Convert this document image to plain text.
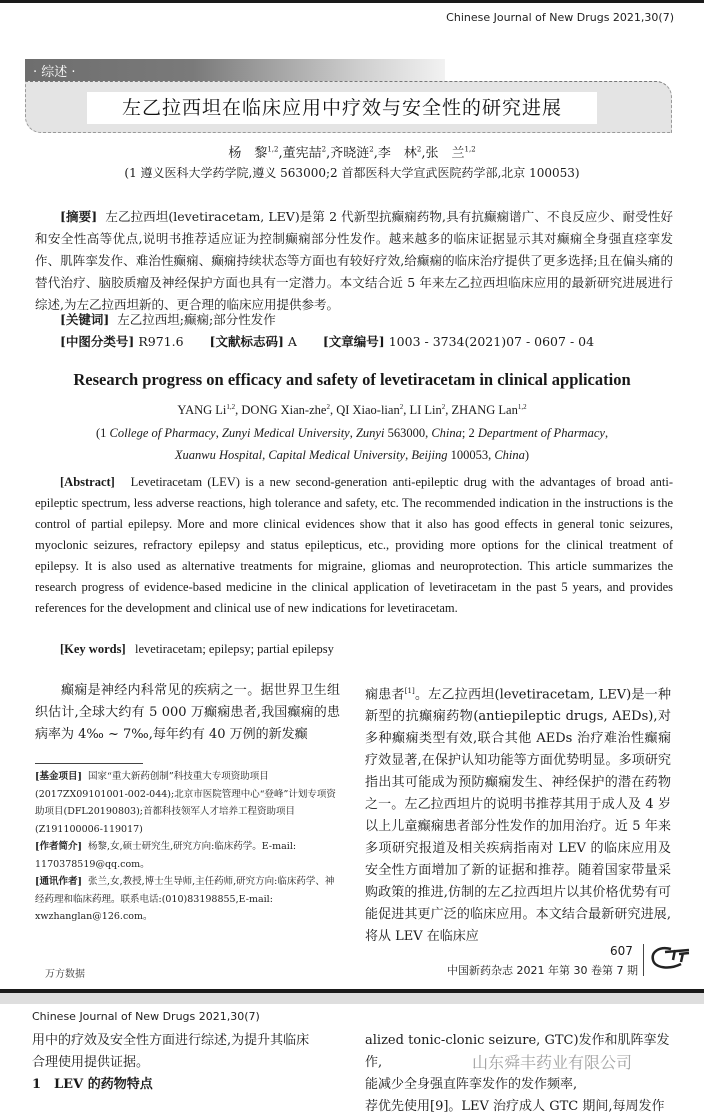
Chinese Journal of New Drugs 2021,30(7)
· 综述 ·
左乙拉西坦在临床应用中疗效与安全性的研究进展
杨　黎$^{1,2}$,董宪喆$^2$,齐晓涟$^2$,李　林$^2$,张　兰$^{1,2}$
(1 遵义医科大学药学院,遵义 563000;2 首都医科大学宣武医院药学部,北京 100053)
[摘要] 左乙拉西坦(levetiracetam, LEV)是第 2 代新型抗癫痫药物,具有抗癫痫谱广、不良反应少、耐受性好和安全性高等优点,说明书推荐适应证为控制癫痫部分性发作。越来越多的临床证据显示其对癫痫全身强直痉挛发作、肌阵挛发作、难治性癫痫、癫痫持续状态等方面也有较好疗效,给癫痫的临床治疗提供了更多选择;且在偏头痛的替代治疗、脑胶质瘤及神经保护方面也具有一定潜力。本文结合近 5 年来左乙拉西坦临床应用的最新研究进展进行综述,为左乙拉西坦新的、更合理的临床应用提供参考。
[关键词] 左乙拉西坦;癫痫;部分性发作
[中图分类号] R971.6 [文献标志码] A [文章编号] 1003 - 3734(2021)07 - 0607 - 04
Research progress on efficacy and safety of levetiracetam in clinical application
YANG Li$^{1,2}$, DONG Xian-zhe$^2$, QI Xiao-lian$^2$, LI Lin$^2$, ZHANG Lan$^{1,2}$
(1 College of Pharmacy, Zunyi Medical University, Zunyi 563000, China; 2 Department of Pharmacy,
Xuanwu Hospital, Capital Medical University, Beijing 100053, China)
[Abstract] Levetiracetam (LEV) is a new second-generation anti-epileptic drug with the advantages of broad anti-epileptic spectrum, less adverse reactions, high tolerance and safety, etc. The recommended indication in the instructions is the control of partial epilepsy. More and more clinical evidences show that it also has good effects in general tonic seizures, myoclonic seizures, refractory epilepsy and status epilepticus, etc., providing more options for the clinical treatment of epilepsy. It is also used as alternative treatments for migraine, gliomas and neuroprotection. This article summarizes the research progress of evidence-based medicine in the clinical application of levetiracetam in the past 5 years, and provides references for the development and clinical use of new indications for levetiracetam.
[Key words] levetiracetam; epilepsy; partial epilepsy
癫痫是神经内科常见的疾病之一。据世界卫生组织估计,全球大约有 5 000 万癫痫患者,我国癫痫的患病率为 4‰ ~ 7‰,每年约有 40 万例的新发癫
痫患者[1]。左乙拉西坦(levetiracetam, LEV)是一种新型的抗癫痫药物(antiepileptic drugs, AEDs),对多种癫痫类型有效,联合其他 AEDs 治疗难治性癫痫疗效显著,在保护认知功能等方面优势明显。多项研究指出其可能成为预防癫痫发生、神经保护的潜在药物之一。左乙拉西坦片的说明书推荐其用于成人及 4 岁以上儿童癫痫患者部分性发作的加用治疗。近 5 年来多项研究报道及相关疾病指南对 LEV 的临床应用及安全性方面增加了新的证据和推荐。随着国家带量采购政策的推进,仿制的左乙拉西坦片以其价格优势有可能促进其更广泛的临床应用。本文结合最新研究进展,将从 LEV 在临床应

[基金项目] 国家“重大新药创制”科技重大专项资助项目(2017ZX09101001-002-044);北京市医院管理中心“登峰”计划专项资助项目(DFL20190803);首都科技领军人才培养工程资助项目(Z191100006-119017)

[作者简介] 杨黎,女,硕士研究生,研究方向:临床药学。E-mail: 1170378519@qq.com。

[通讯作者] 张兰,女,教授,博士生导师,主任药师,研究方向:临床药学、神经药理和临床药理。联系电话:(010)83198855,E-mail: xwzhanglan@126.com。

万方数据
607
中国新药杂志 2021 年第 30 卷第 7 期
Chinese Journal of New Drugs 2021,30(7)
用中的疗效及安全性方面进行综述,为提升其临床
合理使用提供证据。
1　LEV 的药物特点
alized tonic-clonic seizure, GTC)发作和肌阵挛发作,
能减少全身强直阵挛发作的发作频率,
荐优先使用[9]。LEV 治疗成人 GTC 期间,每周发作
山东舜丰药业有限公司
